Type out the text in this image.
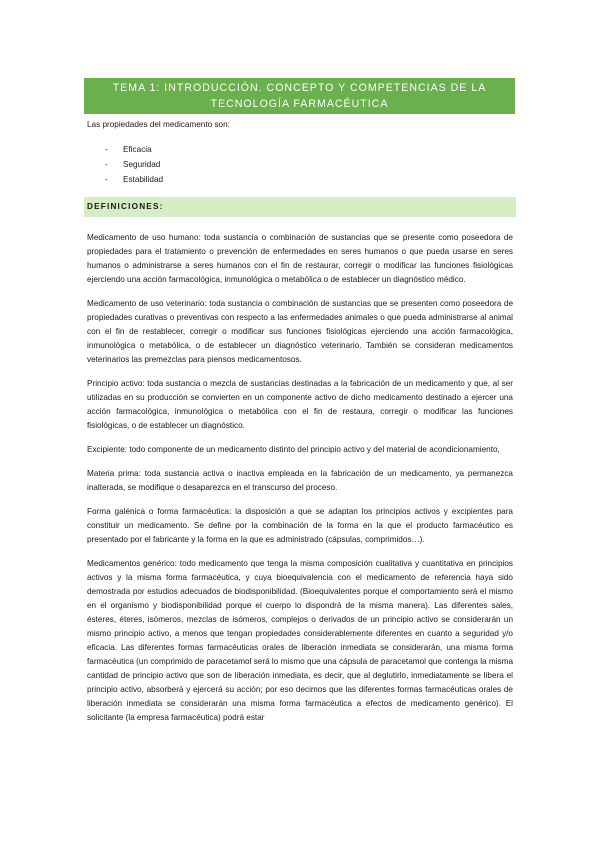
TEMA 1: INTRODUCCIÓN. CONCEPTO Y COMPETENCIAS DE LA TECNOLOGÍA FARMACÉUTICA

Las propiedades del medicamento son:

- Eficacia
- Seguridad
- Estabilidad
DEFINICIONES:

Medicamento de uso humano: toda sustancia o combinación de sustancias que se presente como poseedora de propiedades para el tratamiento o prevención de enfermedades en seres humanos o que pueda usarse en seres humanos o administrarse a seres humanos con el fin de restaurar, corregir o modificar las funciones fisiológicas ejerciendo una acción farmacológica, inmunológica o metabólica o de establecer un diagnóstico médico.

Medicamento de uso veterinario: toda sustancia o combinación de sustancias que se presenten como poseedora de propiedades curativas o preventivas con respecto a las enfermedades animales o que pueda administrarse al animal con el fin de restablecer, corregir o modificar sus funciones fisiológicas ejerciendo una acción farmacológica, inmunológica o metabólica, o de establecer un diagnóstico veterinario. También se consideran medicamentos veterinarios las premezclas para piensos medicamentosos.

Principio activo: toda sustancia o mezcla de sustancias destinadas a la fabricación de un medicamento y que, al ser utilizadas en su producción se convierten en un componente activo de dicho medicamento destinado a ejercer una acción farmacológica, inmunológica o metabólica con el fin de restaura, corregir o modificar las funciones fisiológicas, o de establecer un diagnóstico.

Excipiente: todo componente de un medicamento distinto del principio activo y del material de acondicionamiento,

Materia prima: toda sustancia activa o inactiva empleada en la fabricación de un medicamento, ya permanezca inalterada, se modifique o desaparezca en el transcurso del proceso.

Forma galénica o forma farmacéutica: la disposición a que se adaptan los principios activos y excipientes para constituir un medicamento. Se define por la combinación de la forma en la que el producto farmacéutico es presentado por el fabricante y la forma en la que es administrado (cápsulas, comprimidos…).

Medicamentos genérico: todo medicamento que tenga la misma composición cualitativa y cuantitativa en principios activos y la misma forma farmacéutica, y cuya bioequivalencia con el medicamento de referencia haya sido demostrada por estudios adecuados de biodisponibilidad. (Bioequivalentes porque el comportamiento será el mismo en el organismo y biodisponibilidad porque el cuerpo lo dispondrá de la misma manera). Las diferentes sales, ésteres, éteres, isómeros, mezclas de isómeros, complejos o derivados de un principio activo se considerarán un mismo principio activo, a menos que tengan propiedades considerablemente diferentes en cuanto a seguridad y/o eficacia. Las diferentes formas farmacéuticas orales de liberación inmediata se considerarán, una misma forma farmacéutica (un comprimido de paracetamol será lo mismo que una cápsula de paracetamol que contenga la misma cantidad de principio activo que son de liberación inmediata, es decir, que al deglutirlo, inmediatamente se libera el principio activo, absorberá y ejercerá su acción; por eso decimos que las diferentes formas farmacéuticas orales de liberación inmediata se considerarán una misma forma farmacéutica a efectos de medicamento genérico). El solicitante (la empresa farmacéutica) podrá estar
